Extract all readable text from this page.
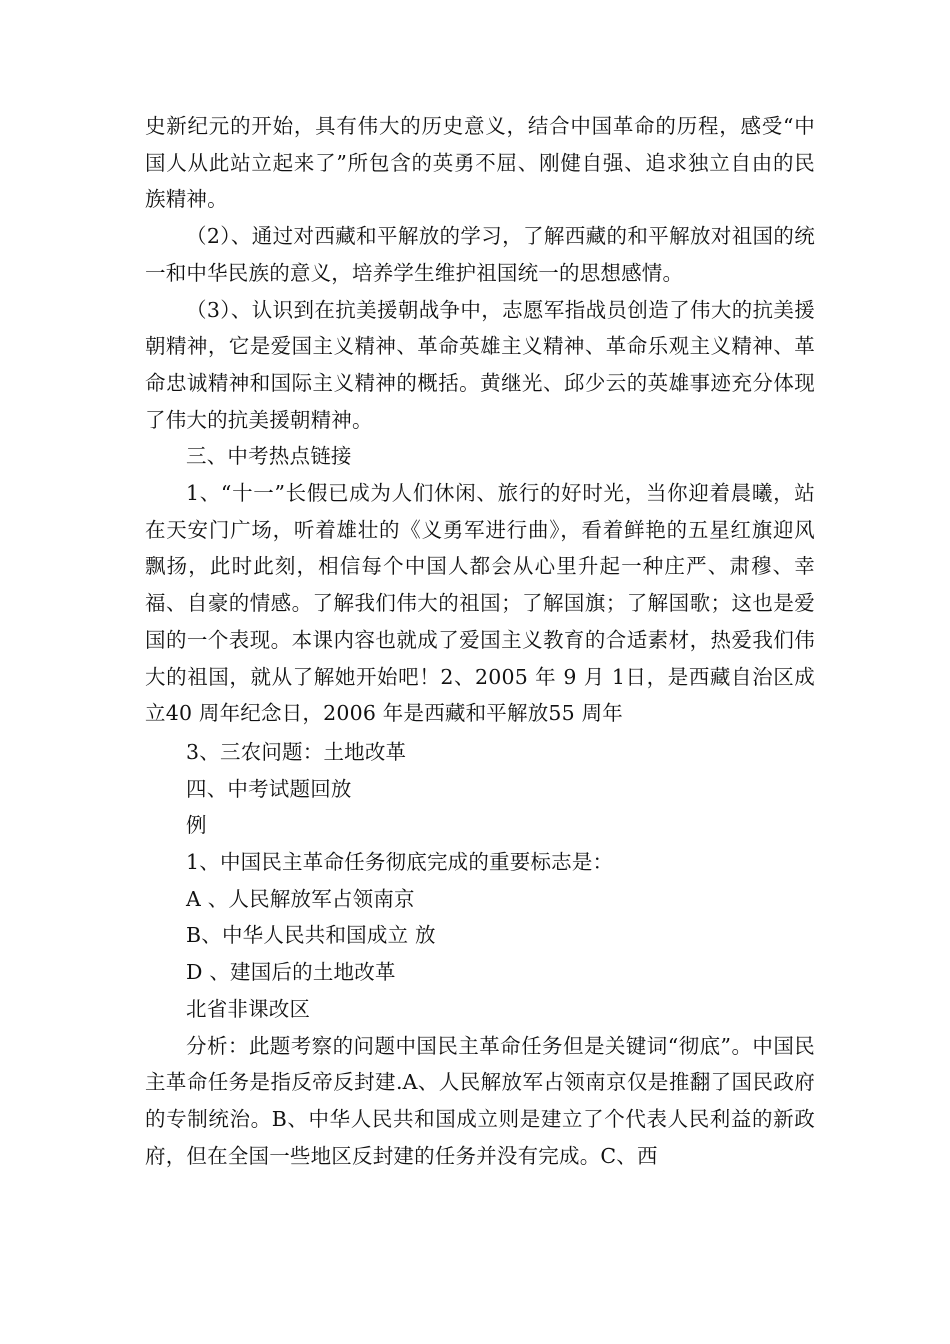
史新纪元的开始，具有伟大的历史意义，结合中国革命的历程，感受“中国人从此站立起来了”所包含的英勇不屈、刚健自强、追求独立自由的民族精神。

（2）、通过对西藏和平解放的学习，了解西藏的和平解放对祖国的统一和中华民族的意义，培养学生维护祖国统一的思想感情。

（3）、认识到在抗美援朝战争中，志愿军指战员创造了伟大的抗美援朝精神，它是爱国主义精神、革命英雄主义精神、革命乐观主义精神、革命忠诚精神和国际主义精神的概括。黄继光、邱少云的英雄事迹充分体现了伟大的抗美援朝精神。

三、中考热点链接

1、“十一”长假已成为人们休闲、旅行的好时光，当你迎着晨曦，站在天安门广场，听着雄壮的《义勇军进行曲》，看着鲜艳的五星红旗迎风飘扬，此时此刻，相信每个中国人都会从心里升起一种庄严、肃穆、幸福、自豪的情感。了解我们伟大的祖国；了解国旗；了解国歌；这也是爱国的一个表现。本课内容也就成了爱国主义教育的合适素材，热爱我们伟大的祖国，就从了解她开始吧！2、2005 年 9 月 1日，是西藏自治区成立40 周年纪念日，2006 年是西藏和平解放55 周年

3、三农问题：土地改革

四、中考试题回放

例

1、中国民主革命任务彻底完成的重要标志是：

A 、人民解放军占领南京

B、中华人民共和国成立 放

D 、建国后的土地改革

北省非课改区

分析：此题考察的问题中国民主革命任务但是关键词“彻底”。中国民主革命任务是指反帝反封建.A、人民解放军占领南京仅是推翻了国民政府的专制统治。B、中华人民共和国成立则是建立了个代表人民利益的新政府，但在全国一些地区反封建的任务并没有完成。C、西
